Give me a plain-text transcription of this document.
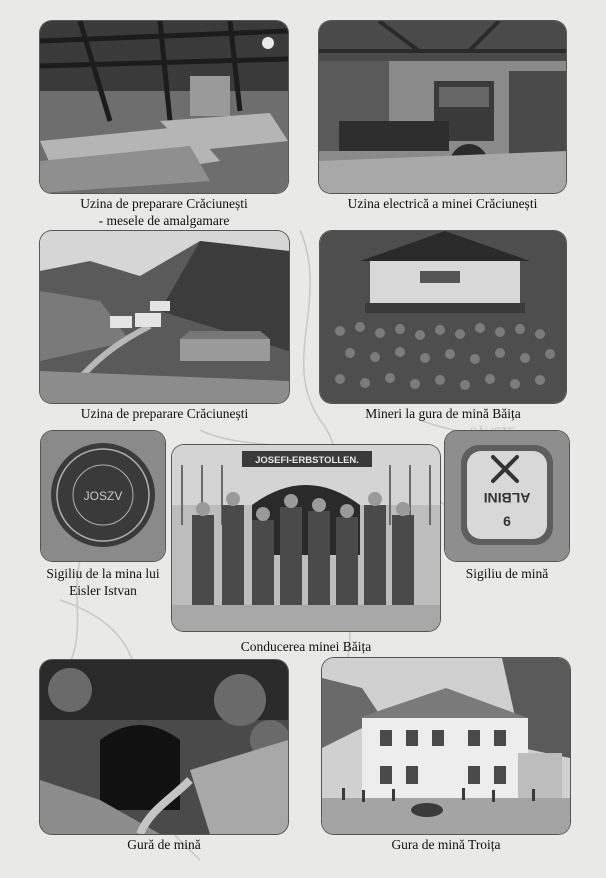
Uzina de preparare Crăciunești
- mesele de amalgamare
Uzina electrică a minei Crăciunești
Uzina de preparare Crăciunești	Mineri la gura de mină Băița
JOSZV
Sigiliu de la mina lui
Eisler Istvan
JOSEFI-ERBSTOLLEN.
Conducerea minei Băița
ALBINI
6
Sigiliu de mină
Gură de mină	Gura de mină Troița
